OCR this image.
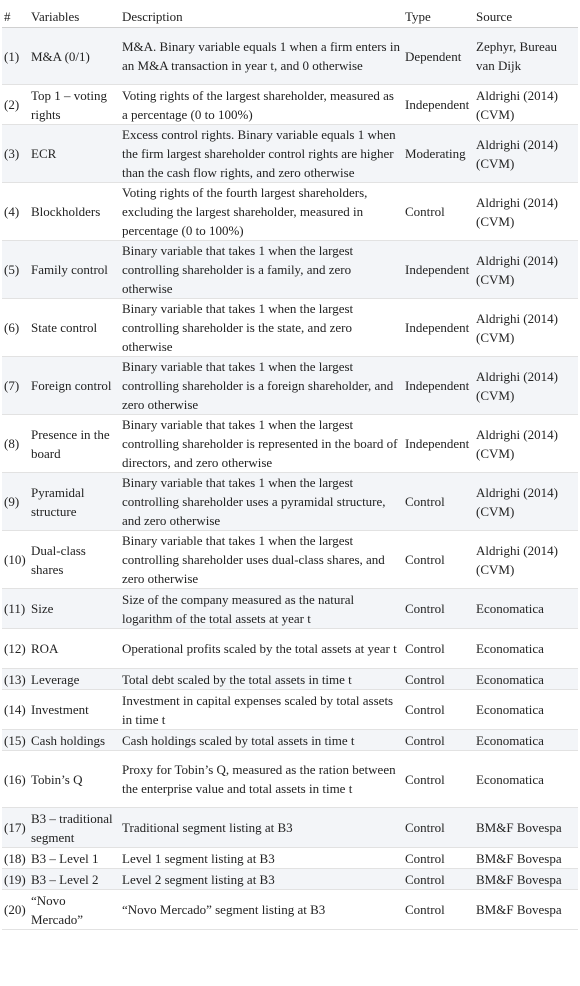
#	Variables	Description	Type	Source
(1)	M&A (0/1)	M&A. Binary variable equals 1 when a firm enters in an M&A transaction in year t, and 0 otherwise	Dependent	Zephyr, Bureau van Dijk
(2)	Top 1 – voting rights	Voting rights of the largest shareholder, measured as a percentage (0 to 100%)	Independent	Aldrighi (2014) (CVM)
(3)	ECR	Excess control rights. Binary variable equals 1 when the firm largest shareholder control rights are higher than the cash flow rights, and zero otherwise	Moderating	Aldrighi (2014) (CVM)
(4)	Blockholders	Voting rights of the fourth largest shareholders, excluding the largest shareholder, measured in percentage (0 to 100%)	Control	Aldrighi (2014) (CVM)
(5)	Family control	Binary variable that takes 1 when the largest controlling shareholder is a family, and zero otherwise	Independent	Aldrighi (2014) (CVM)
(6)	State control	Binary variable that takes 1 when the largest controlling shareholder is the state, and zero otherwise	Independent	Aldrighi (2014) (CVM)
(7)	Foreign control	Binary variable that takes 1 when the largest controlling shareholder is a foreign shareholder, and zero otherwise	Independent	Aldrighi (2014) (CVM)
(8)	Presence in the board	Binary variable that takes 1 when the largest controlling shareholder is represented in the board of directors, and zero otherwise	Independent	Aldrighi (2014) (CVM)
(9)	Pyramidal structure	Binary variable that takes 1 when the largest controlling shareholder uses a pyramidal structure, and zero otherwise	Control	Aldrighi (2014) (CVM)
(10)	Dual-class shares	Binary variable that takes 1 when the largest controlling shareholder uses dual-class shares, and zero otherwise	Control	Aldrighi (2014) (CVM)
(11)	Size	Size of the company measured as the natural logarithm of the total assets at year t	Control	Economatica
(12)	ROA	Operational profits scaled by the total assets at year t	Control	Economatica
(13)	Leverage	Total debt scaled by the total assets in time t	Control	Economatica
(14)	Investment	Investment in capital expenses scaled by total assets in time t	Control	Economatica
(15)	Cash holdings	Cash holdings scaled by total assets in time t	Control	Economatica
(16)	Tobin’s Q	Proxy for Tobin’s Q, measured as the ration between the enterprise value and total assets in time t	Control	Economatica
(17)	B3 – traditional segment	Traditional segment listing at B3	Control	BM&F Bovespa
(18)	B3 – Level 1	Level 1 segment listing at B3	Control	BM&F Bovespa
(19)	B3 – Level 2	Level 2 segment listing at B3	Control	BM&F Bovespa
(20)	“Novo Mercado”	“Novo Mercado” segment listing at B3	Control	BM&F Bovespa
